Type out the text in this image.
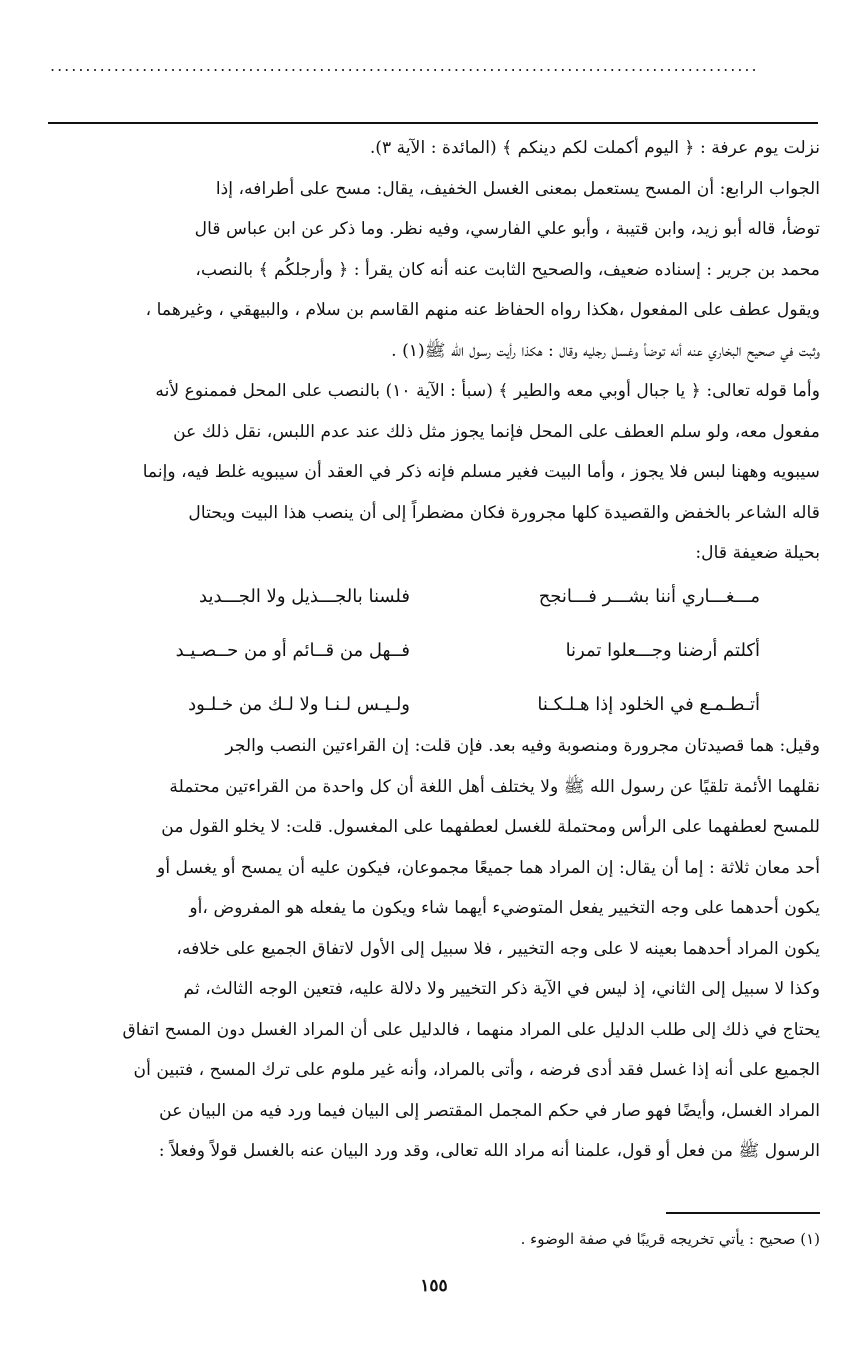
....................................................................................................
نزلت يوم عرفة : ﴿ اليوم أكملت لكم دينكم ﴾ (المائدة : الآية ٣).
الجواب الرابع: أن المسح يستعمل بمعنى الغسل الخفيف، يقال: مسح على أطرافه، إذا
توضأ، قاله أبو زيد، وابن قتيبة ، وأبو علي الفارسي، وفيه نظر. وما ذكر عن ابن عباس قال
محمد بن جرير : إسناده ضعيف، والصحيح الثابت عنه أنه كان يقرأ : ﴿ وأرجلكُم ﴾ بالنصب،
ويقول عطف على المفعول ،هكذا رواه الحفاظ عنه منهم القاسم بن سلام ، والبيهقي ، وغيرهما ،
وثبت في صحيح البخاري عنه أنه توضأ وغسل رجليه وقال : هكذا رأيت رسول الله ﷺ(١) .
وأما قوله تعالى: ﴿ يا جبال أوبي معه والطير ﴾ (سبأ : الآية ١٠) بالنصب على المحل فممنوع لأنه
مفعول معه، ولو سلم العطف على المحل فإنما يجوز مثل ذلك عند عدم اللبس، نقل ذلك عن
سيبويه وههنا لبس فلا يجوز ، وأما البيت فغير مسلم فإنه ذكر في العقد أن سيبويه غلط فيه، وإنما
قاله الشاعر بالخفض والقصيدة كلها مجرورة فكان مضطراً إلى أن ينصب هذا البيت ويحتال
بحيلة ضعيفة قال:
مـــغـــاري أننا بشـــر فـــانجح
فلسنا بالجـــذيل ولا الجـــديد
أكلتم أرضنا وجـــعلوا تمرنا
فــهل من قــائم أو من حــصـيـد
أتـطـمـع في الخلود إذا هـلـكـنا
ولـيـس لـنـا ولا لـك من خـلـود
وقيل: هما قصيدتان مجرورة ومنصوبة وفيه بعد. فإن قلت: إن القراءتين النصب والجر
نقلهما الأئمة تلقيًا عن رسول الله ﷺ ولا يختلف أهل اللغة أن كل واحدة من القراءتين محتملة
للمسح لعطفهما على الرأس ومحتملة للغسل لعطفهما على المغسول. قلت: لا يخلو القول من
أحد معان ثلاثة : إما أن يقال: إن المراد هما جميعًا مجموعان، فيكون عليه أن يمسح أو يغسل أو
يكون أحدهما على وجه التخيير يفعل المتوضيء أيهما شاء ويكون ما يفعله هو المفروض ،أو
يكون المراد أحدهما بعينه لا على وجه التخيير ، فلا سبيل إلى الأول لاتفاق الجميع على خلافه،
وكذا لا سبيل إلى الثاني، إذ ليس في الآية ذكر التخيير ولا دلالة عليه، فتعين الوجه الثالث، ثم
يحتاج في ذلك إلى طلب الدليل على المراد منهما ، فالدليل على أن المراد الغسل دون المسح اتفاق
الجميع على أنه إذا غسل فقد أدى فرضه ، وأتى بالمراد، وأنه غير ملوم على ترك المسح ، فتبين أن
المراد الغسل، وأيضًا فهو صار في حكم المجمل المقتصر إلى البيان فيما ورد فيه من البيان عن
الرسول ﷺ من فعل أو قول، علمنا أنه مراد الله تعالى، وقد ورد البيان عنه بالغسل قولاً وفعلاً :
(١) صحيح : يأتي تخريجه قريبًا في صفة الوضوء .
١٥٥
